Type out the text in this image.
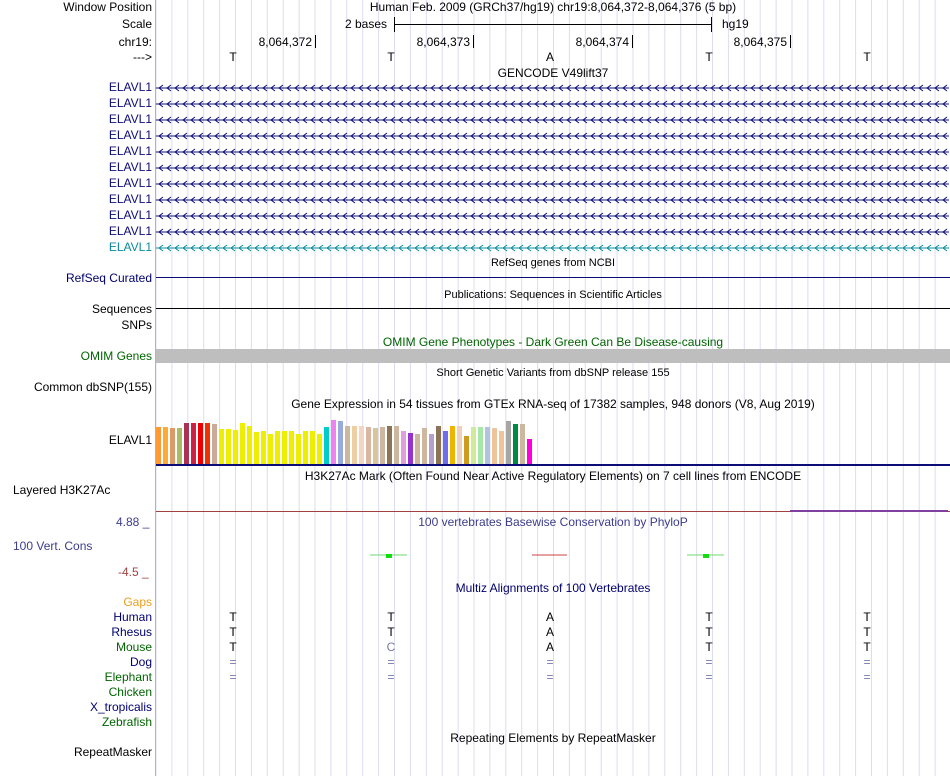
Window Position	Human Feb. 2009 (GRCh37/hg19) chr19:8,064,372-8,064,376 (5 bp)
Scale	2 bases	hg19
chr19:	8,064,372	8,064,373	8,064,374	8,064,375
--->	T	T	A	T	T
GENCODE V49lift37
ELAVL1
ELAVL1
ELAVL1
ELAVL1
ELAVL1
ELAVL1
ELAVL1
ELAVL1
ELAVL1
ELAVL1
ELAVL1
RefSeq genes from NCBI
RefSeq Curated
Publications: Sequences in Scientific Articles
Sequences
SNPs
OMIM Gene Phenotypes - Dark Green Can Be Disease-causing
OMIM Genes
Short Genetic Variants from dbSNP release 155
Common dbSNP(155)
Gene Expression in 54 tissues from GTEx RNA-seq of 17382 samples, 948 donors (V8, Aug 2019)
ELAVL1
H3K27Ac Mark (Often Found Near Active Regulatory Elements) on 7 cell lines from ENCODE
Layered H3K27Ac
100 vertebrates Basewise Conservation by PhyloP
4.88 _
100 Vert. Cons
-4.5 _
Multiz Alignments of 100 Vertebrates
Gaps
Human	T	T	A	T	T
Rhesus	T	T	A	T	T
Mouse	T	C	A	T	T
Dog	=	=	=	=	=
Elephant	=	=	=	=	=
Chicken
X_tropicalis
Zebrafish
Repeating Elements by RepeatMasker
RepeatMasker
